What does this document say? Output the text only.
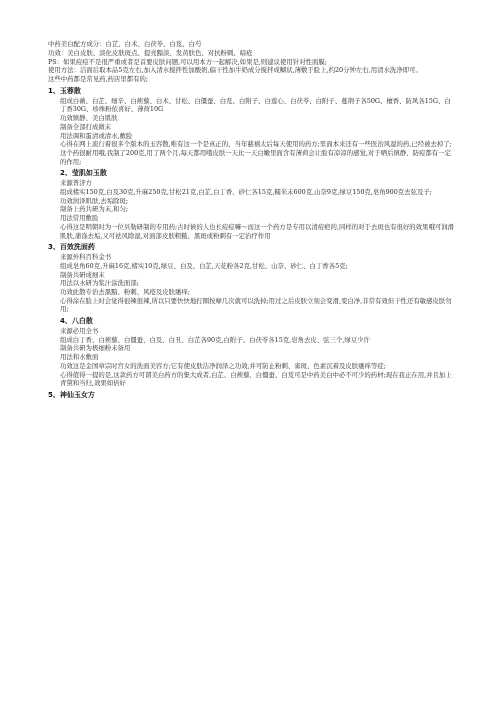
中药美白配方成分：白芷、白术、白茯苓、白芨、白芍
功效：美白皮肤、淡化皮肤斑点、提亮黯淡、发黄肤色、对抗粉刺、暗疮
PS：如果痘痘不是很严重或者是首要皮肤问题,可以用本方一起解决,如果是,则建议使用针对性面膜;
使用方法：洁面后取本品5克左右,加入清水搅拌性加酸奶,偏干性加牛奶成分搅拌成糊状,薄敷于脸上,约20分钟左右,用清水洗净即可。
这些中药都是常见药,药店里都有的;
1、玉蓉散
组成白薇、白芷、细辛、白蒺藜、白术、甘松、白僵蚕、白芨、白附子、白莲心、白茯苓、白附子、蔓荆子各50G、檀香、防风各15G、白丁香30G、珍珠粉依喜好、薄荷10G
功效镇静、美白肌肤
制备全部打成微末
用法调和蛋清或清水,敷脸
心得在网上流行着很多个版本的玉容散,唯有这一个是真正的、当年慈禧太后每天使用的药方;里面本来还有一些医治风湿的药,已经被去掉了;这个药很耐用哦,我制了200克,用了两个月,每天都用哦皮肤一天比一天白嫩里面含有薄荷会让脸有凉凉的感觉,对于晒后镇静、防痘都有一定的作用;
2、莹肌如玉散
来源普济方
组成楮实150克,白及30克,升麻250克,甘松21克,白芷,白丁香、砂仁各15克,糯米末600克,山奈9克,绿豆150克,皂角900克去弦及子;
功效润泽肌肤,去垢除斑;
制备上药共研为末,和匀;
用法常用敷脸
心得这是明朝时为一位贝勒研制的专用药;古时候的人也长痘痘嘛～而这一个药方是专用以清痘疤的,同样的对于去斑也有很好的效果哦可润滑肌肤,蒲涤去垢,又可祛风除湿,对面部皮肤粗糙、黑斑或粉刺有一定治疗作用
3、百效洗面药
来源外科百科金书
组成皂角60克,升麻16克,楮实10克,绿豆、白及、白芷,天花粉各2克,甘松、山奈、砂仁、白丁香各5克;
制备共研成细末
用法以水研为浆汁涂洗面部;
功效此散专治去黑黯、粉刺、风疮及皮肤瘙痒;
心得涂在脸上时会觉得很辣很辣,所以只要快快地打圈按摩几次就可以洗掉;用过之后皮肤立刻会变滑,变白净,非常有效但干性还有敏感皮肤勿用;
4、八白散
来源必用全书
组成白丁香、白蒺藜、白僵蚕、白及、白丑、白芷各90克,白附子、白茯苓各15克,皂角去皮、弦三个,绿豆少许
制备共研为极细粉末备用
用法和水敷面
功效这是金国章宗时宫女的洗面美容方;它有使皮肤洁净润泽之功效,并可防止粉刺、雀斑、色素沉着及皮肤瘙痒等症;
心得值得一提的是,这款药方可谓美白药方的集大成者,白芷、白蒺藜、白僵蚕、白芨可是中药美白中必不可少的药材;现在我正在用,并且加上青黛和当归,效果如倍好
5、神仙玉女方
